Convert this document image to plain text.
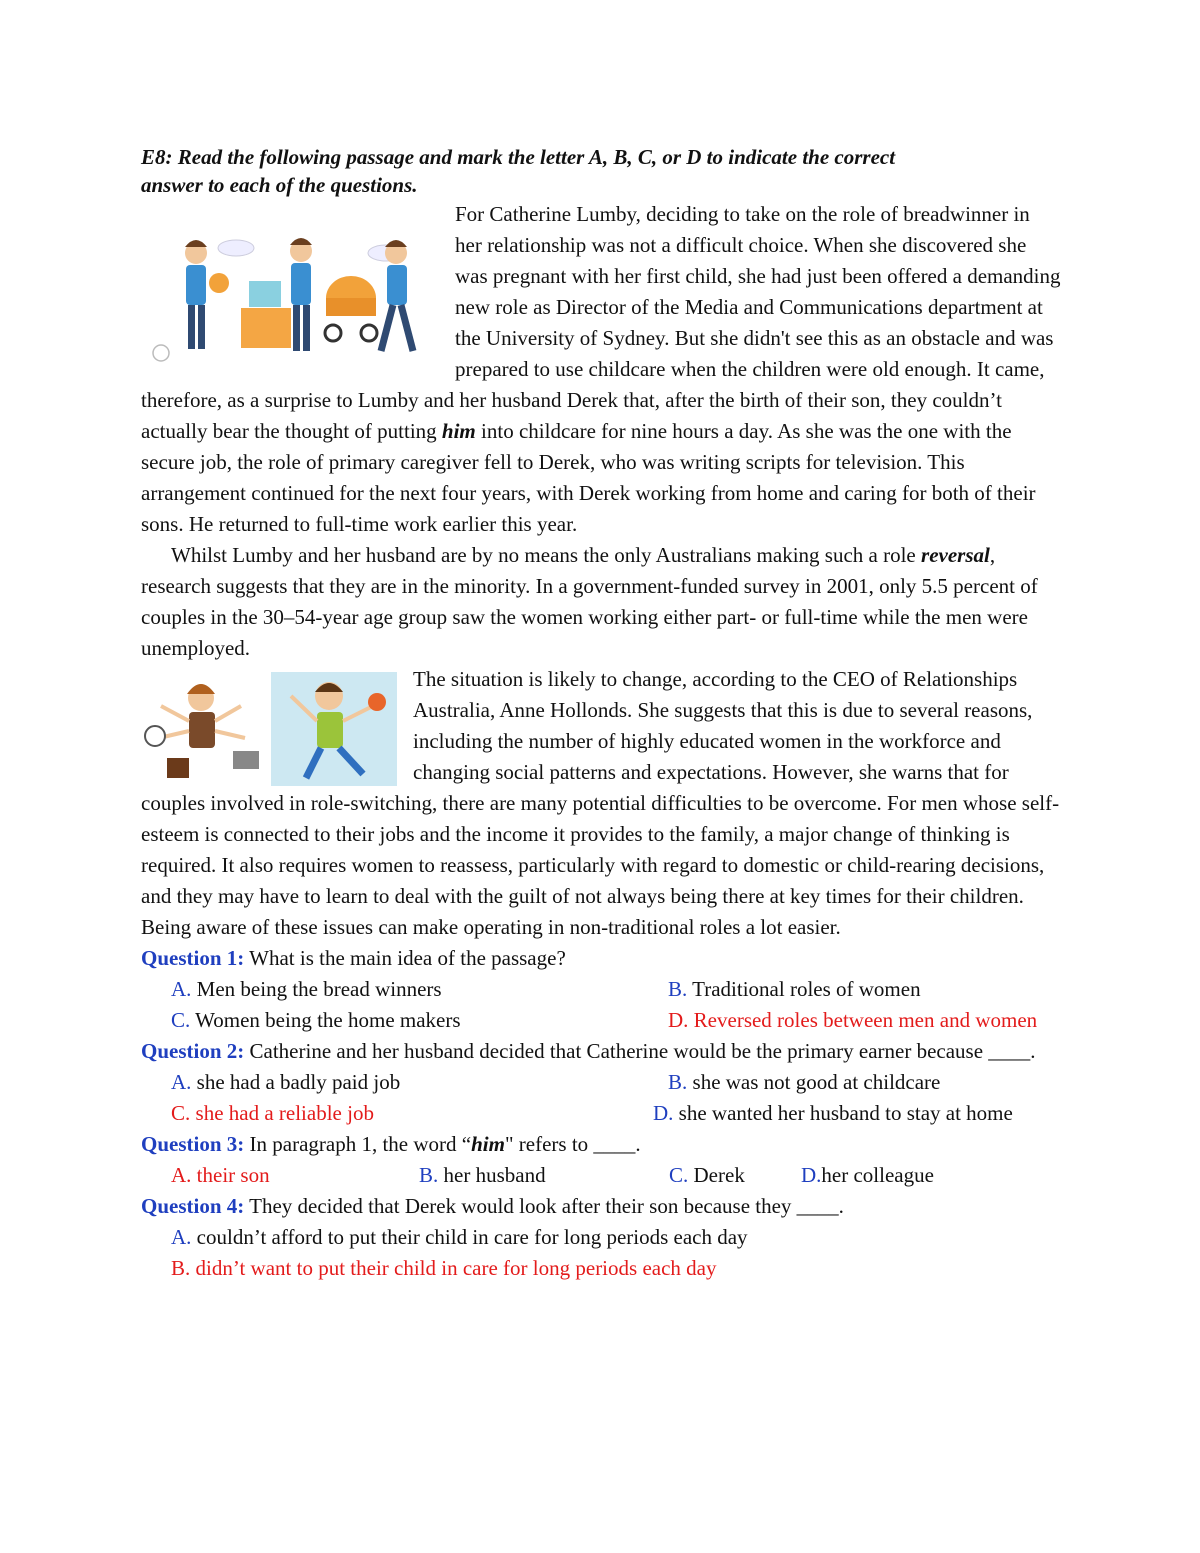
E8: Read the following passage and mark the letter A, B, C, or D to indicate the correct
answer to each of the questions.

For Catherine Lumby, deciding to take on the role of breadwinner in her relationship was not a difficult choice. When she discovered she was pregnant with her first child, she had just been offered a demanding new role as Director of the Media and Communications department at the University of Sydney. But she didn't see this as an obstacle and was prepared to use childcare when the children were old enough. It came, therefore, as a surprise to Lumby and her husband Derek that, after the birth of their son, they couldn’t actually bear the thought of putting him into childcare for nine hours a day. As she was the one with the secure job, the role of primary caregiver fell to Derek, who was writing scripts for television. This arrangement continued for the next four years, with Derek working from home and caring for both of their sons. He returned to full-time work earlier this year.

Whilst Lumby and her husband are by no means the only Australians making such a role reversal, research suggests that they are in the minority. In a government-funded survey in 2001, only 5.5 percent of couples in the 30–54-year age group saw the women working either part- or full-time while the men were unemployed.

The situation is likely to change, according to the CEO of Relationships Australia, Anne Hollonds. She suggests that this is due to several reasons, including the number of highly educated women in the workforce and changing social patterns and expectations. However, she warns that for couples involved in role-switching, there are many potential difficulties to be overcome. For men whose self-esteem is connected to their jobs and the income it provides to the family, a major change of thinking is required. It also requires women to reassess, particularly with regard to domestic or child-rearing decisions, and they may have to learn to deal with the guilt of not always being there at key times for their children. Being aware of these issues can make operating in non-traditional roles a lot easier.

Question 1: What is the main idea of the passage?

A. Men being the bread winners	B. Traditional roles of women
C. Women being the home makers	D. Reversed roles between men and women

Question 2: Catherine and her husband decided that Catherine would be the primary earner because ____.

A. she had a badly paid job	B. she was not good at childcare
C. she had a reliable job	D. she wanted her husband to stay at home

Question 3: In paragraph 1, the word “him" refers to ____.

A. their son	B. her husband	C. Derek	D.her colleague

Question 4: They decided that Derek would look after their son because they ____.

A. couldn’t afford to put their child in care for long periods each day
B. didn’t want to put their child in care for long periods each day
